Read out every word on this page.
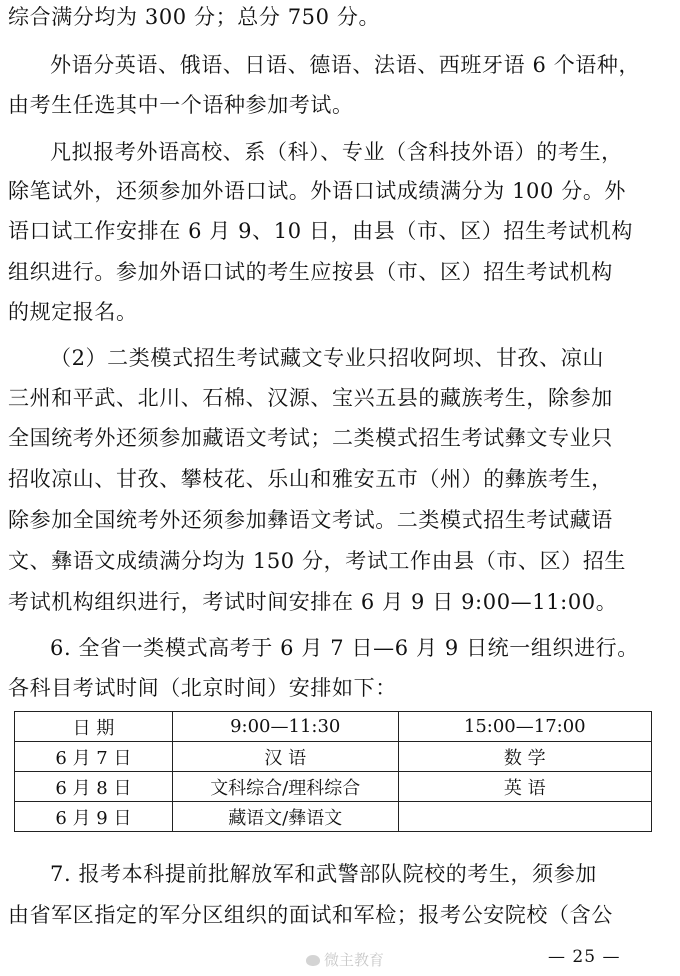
综合满分均为 300 分；总分 750 分。
外语分英语、俄语、日语、德语、法语、西班牙语 6 个语种，
由考生任选其中一个语种参加考试。
凡拟报考外语高校、系（科）、专业（含科技外语）的考生，
除笔试外，还须参加外语口试。外语口试成绩满分为 100 分。外
语口试工作安排在 6 月 9、10 日，由县（市、区）招生考试机构
组织进行。参加外语口试的考生应按县（市、区）招生考试机构
的规定报名。
（2）二类模式招生考试藏文专业只招收阿坝、甘孜、凉山
三州和平武、北川、石棉、汉源、宝兴五县的藏族考生，除参加
全国统考外还须参加藏语文考试；二类模式招生考试彝文专业只
招收凉山、甘孜、攀枝花、乐山和雅安五市（州）的彝族考生，
除参加全国统考外还须参加彝语文考试。二类模式招生考试藏语
文、彝语文成绩满分均为 150 分，考试工作由县（市、区）招生
考试机构组织进行，考试时间安排在 6 月 9 日 9:00—11:00。
6. 全省一类模式高考于 6 月 7 日—6 月 9 日统一组织进行。
各科目考试时间（北京时间）安排如下：
日 期	9:00—11:30	15:00—17:00
6 月 7 日	汉 语	数 学
6 月 8 日	文科综合/理科综合	英 语
6 月 9 日	藏语文/彝语文	
7. 报考本科提前批解放军和武警部队院校的考生，须参加
由省军区指定的军分区组织的面试和军检；报考公安院校（含公
微主教育	— 25 —
